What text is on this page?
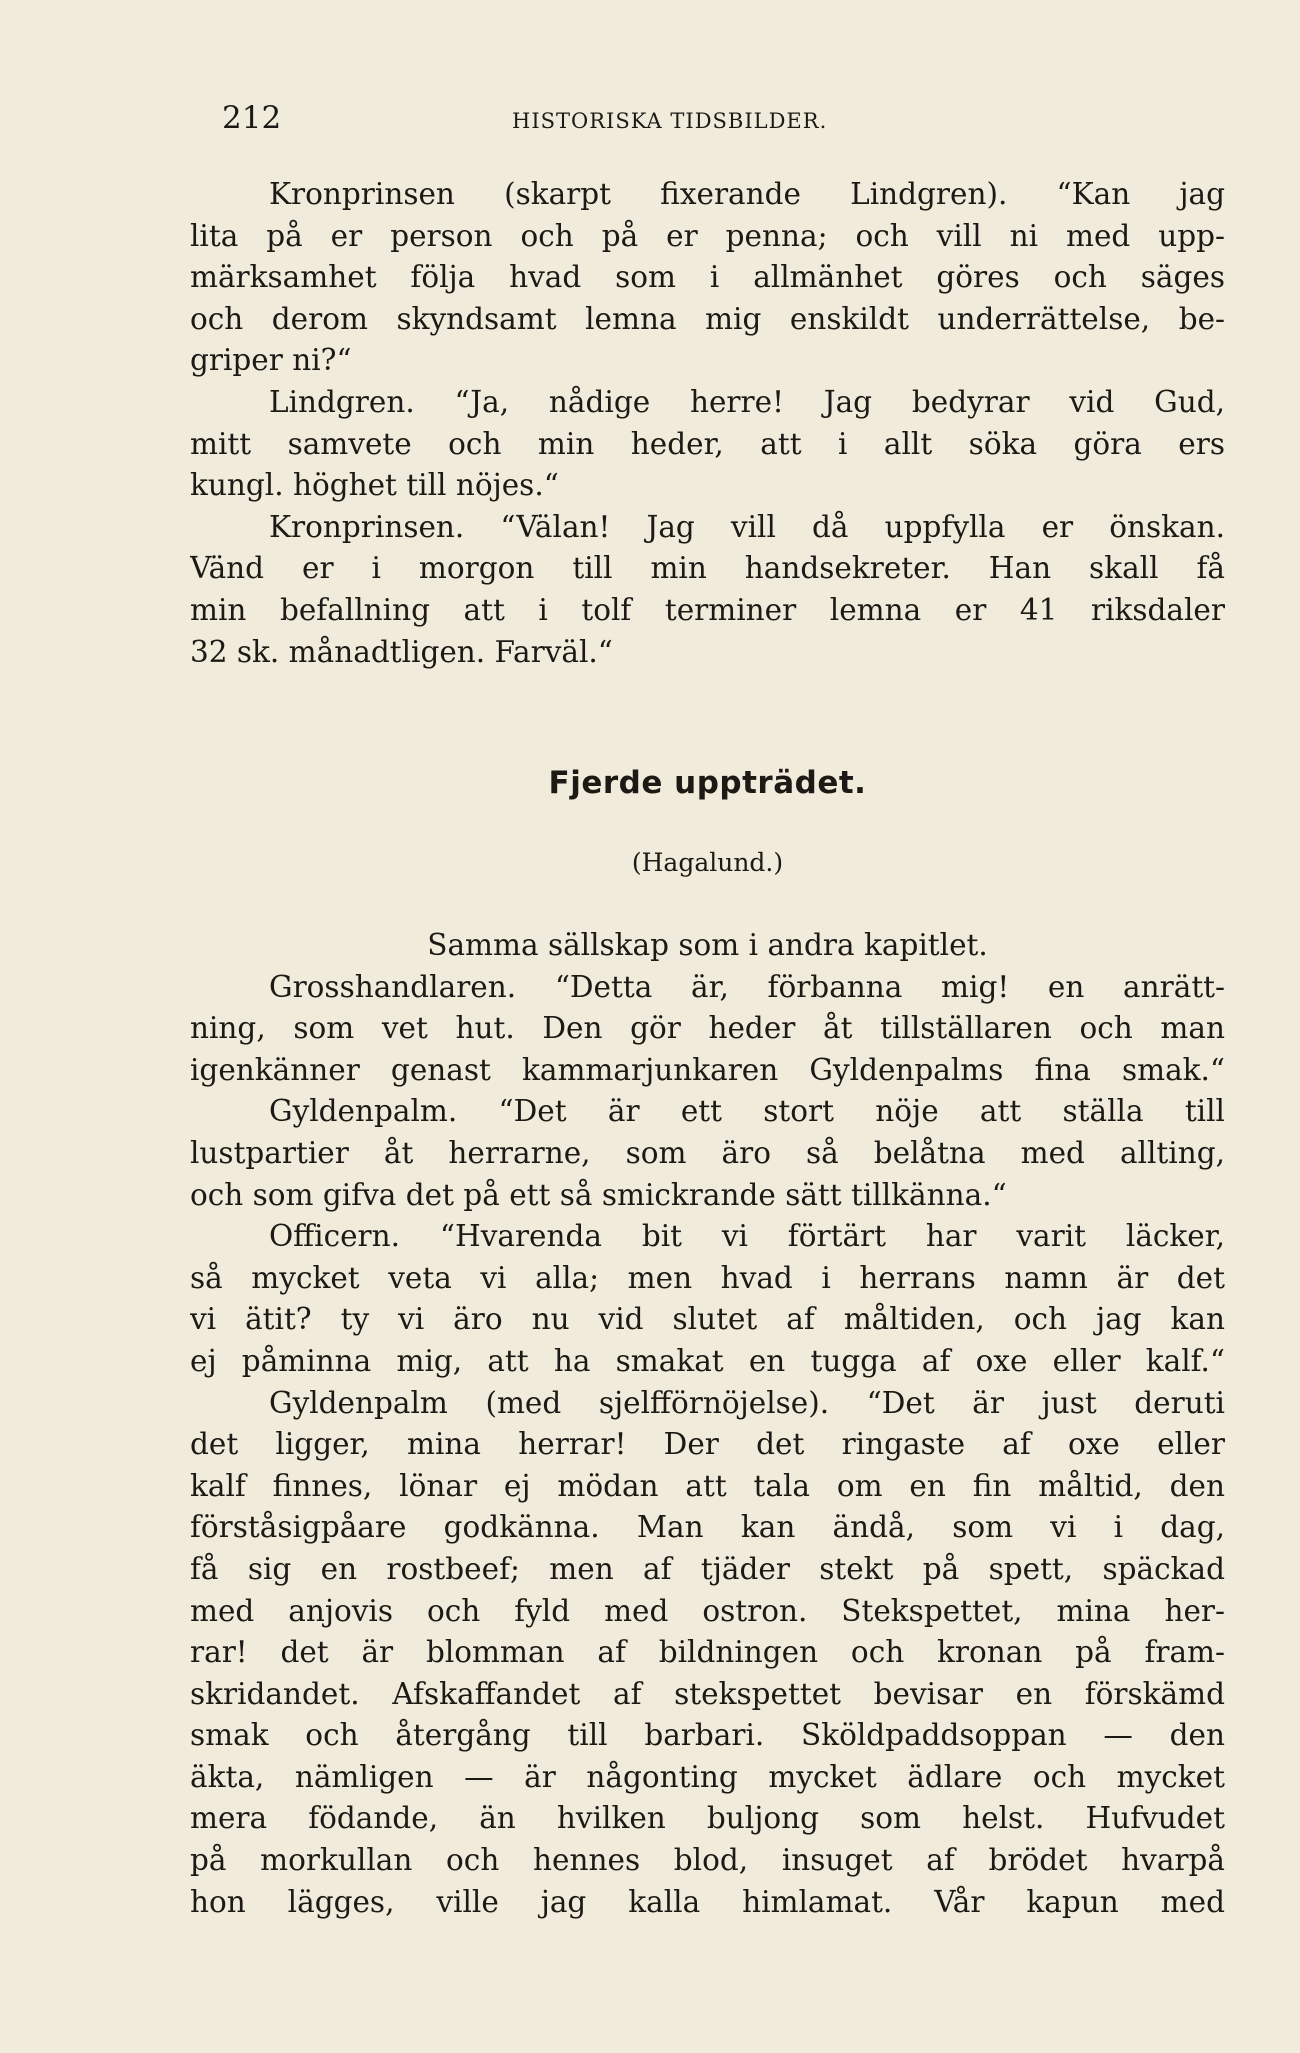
212	HISTORISKA TIDSBILDER.
Kronprinsen (skarpt fixerande Lindgren). “Kan jag
lita på er person och på er penna; och vill ni med upp-
märksamhet följa hvad som i allmänhet göres och säges
och derom skyndsamt lemna mig enskildt underrättelse, be-
griper ni?“
Lindgren. “Ja, nådige herre! Jag bedyrar vid Gud,
mitt samvete och min heder, att i allt söka göra ers
kungl. höghet till nöjes.“
Kronprinsen. “Välan! Jag vill då uppfylla er önskan.
Vänd er i morgon till min handsekreter. Han skall få
min befallning att i tolf terminer lemna er 41 riksdaler
32 sk. månadtligen. Farväl.“
Fjerde uppträdet.
(Hagalund.)
Samma sällskap som i andra kapitlet.
Grosshandlaren. “Detta är, förbanna mig! en anrätt-
ning, som vet hut. Den gör heder åt tillställaren och man
igenkänner genast kammarjunkaren Gyldenpalms fina smak.“
Gyldenpalm. “Det är ett stort nöje att ställa till
lustpartier åt herrarne, som äro så belåtna med allting,
och som gifva det på ett så smickrande sätt tillkänna.“
Officern. “Hvarenda bit vi förtärt har varit läcker,
så mycket veta vi alla; men hvad i herrans namn är det
vi ätit? ty vi äro nu vid slutet af måltiden, och jag kan
ej påminna mig, att ha smakat en tugga af oxe eller kalf.“
Gyldenpalm (med sjelfförnöjelse). “Det är just deruti
det ligger, mina herrar! Der det ringaste af oxe eller
kalf finnes, lönar ej mödan att tala om en fin måltid, den
förståsigpåare godkänna. Man kan ändå, som vi i dag,
få sig en rostbeef; men af tjäder stekt på spett, späckad
med anjovis och fyld med ostron. Stekspettet, mina her-
rar! det är blomman af bildningen och kronan på fram-
skridandet. Afskaffandet af stekspettet bevisar en förskämd
smak och återgång till barbari. Sköldpaddsoppan — den
äkta, nämligen — är någonting mycket ädlare och mycket
mera födande, än hvilken buljong som helst. Hufvudet
på morkullan och hennes blod, insuget af brödet hvarpå
hon lägges, ville jag kalla himlamat. Vår kapun med
